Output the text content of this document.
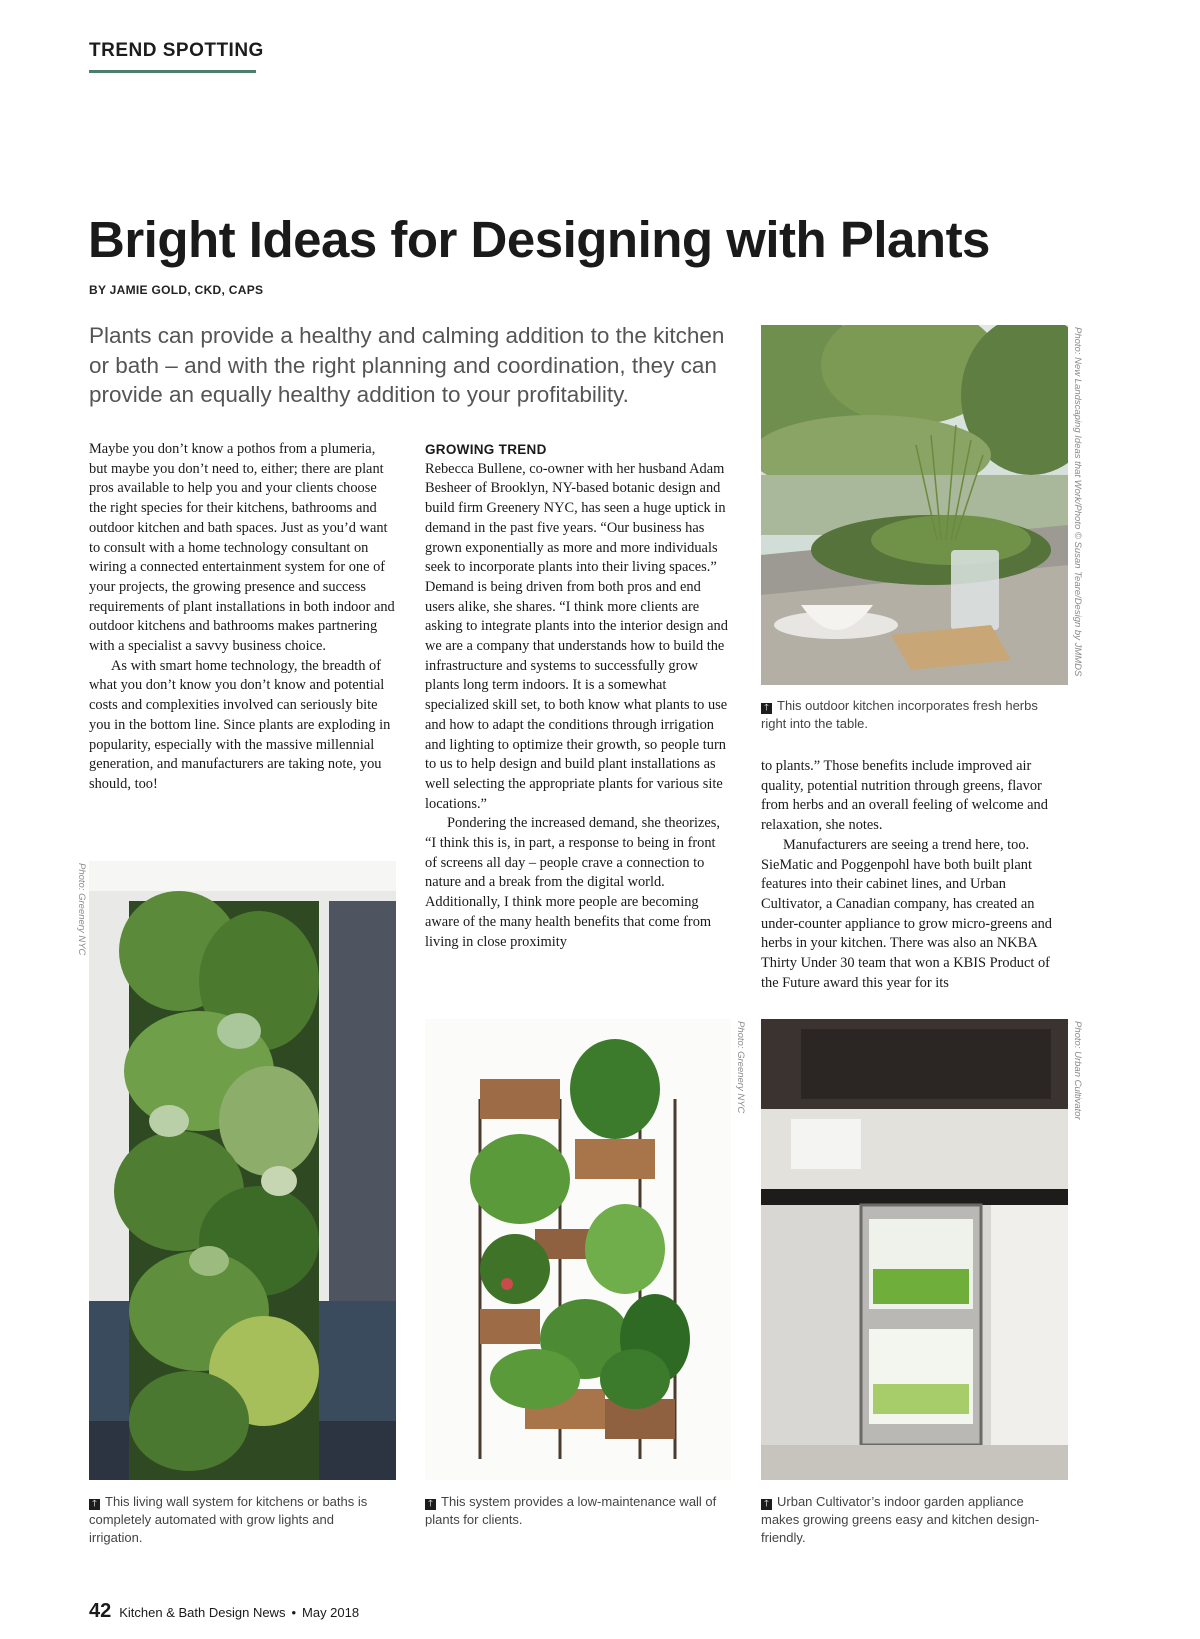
TREND SPOTTING
Bright Ideas for Designing with Plants
BY JAMIE GOLD, CKD, CAPS

Plants can provide a healthy and calming addition to the kitchen or bath – and with the right planning and coordination, they can provide an equally healthy addition to your profitability.

Maybe you don’t know a pothos from a plumeria, but maybe you don’t need to, either; there are plant pros available to help you and your clients choose the right species for their kitchens, bathrooms and outdoor kitchen and bath spaces. Just as you’d want to consult with a home technology consultant on wiring a connected entertainment system for one of your projects, the growing presence and success requirements of plant installations in both indoor and outdoor kitchens and bathrooms makes partnering with a specialist a savvy business choice.

As with smart home technology, the breadth of what you don’t know you don’t know and potential costs and complexities involved can seriously bite you in the bottom line. Since plants are exploding in popularity, especially with the massive millennial generation, and manufacturers are taking note, you should, too!

GROWING TREND

Rebecca Bullene, co-owner with her husband Adam Besheer of Brooklyn, NY-based botanic design and build firm Greenery NYC, has seen a huge uptick in demand in the past five years. “Our business has grown exponentially as more and more individuals seek to incorporate plants into their living spaces.” Demand is being driven from both pros and end users alike, she shares. “I think more clients are asking to integrate plants into the interior design and we are a company that understands how to build the infrastructure and systems to successfully grow plants long term indoors. It is a somewhat specialized skill set, to both know what plants to use and how to adapt the conditions through irrigation and lighting to optimize their growth, so people turn to us to help design and build plant installations as well selecting the appropriate plants for various site locations.”

Pondering the increased demand, she theorizes, “I think this is, in part, a response to being in front of screens all day – people crave a connection to nature and a break from the digital world. Additionally, I think more people are becoming aware of the many health benefits that come from living in close proximity

to plants.” Those benefits include improved air quality, potential nutrition through greens, flavor from herbs and an overall feeling of welcome and relaxation, she notes.

Manufacturers are seeing a trend here, too. SieMatic and Poggenpohl have both built plant features into their cabinet lines, and Urban Cultivator, a Canadian company, has created an under-counter appliance to grow micro-greens and herbs in your kitchen. There was also an NKBA Thirty Under 30 team that won a KBIS Product of the Future award this year for its

Photo: New Landscaping Ideas that Work/Photo © Susan Teare/Design by JMMDS
🡑 This outdoor kitchen incorporates fresh herbs right into the table.
Photo: Greenery NYC
🡑 This living wall system for kitchens or baths is completely automated with grow lights and irrigation.
Photo: Greenery NYC
🡑 This system provides a low-maintenance wall of plants for clients.
Photo: Urban Cultivator
🡑 Urban Cultivator’s indoor garden appliance makes growing greens easy and kitchen design-friendly.
42 Kitchen & Bath Design News • May 2018
